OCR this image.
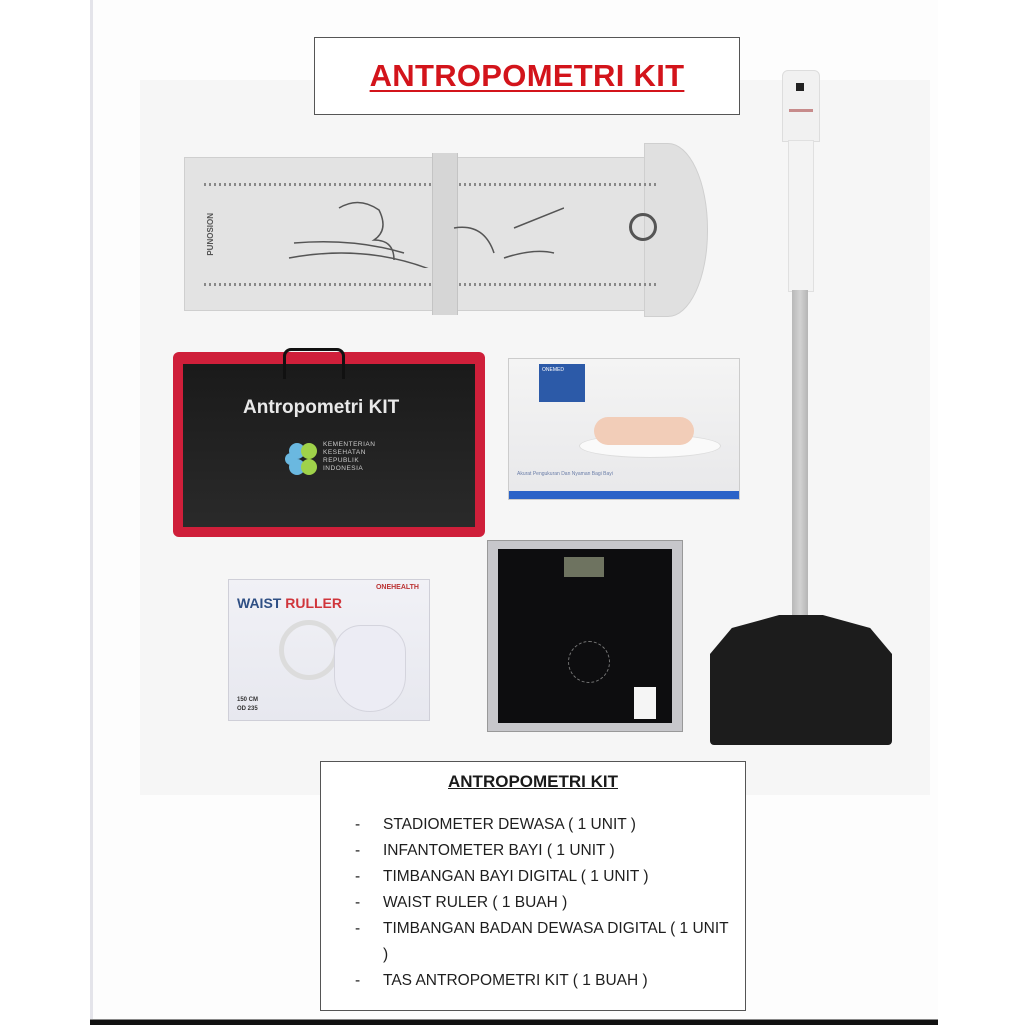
ANTROPOMETRI KIT
PUNOSION
Antropometri KIT
KEMENTERIAN
KESEHATAN
REPUBLIK
INDONESIA
ONEMED
Akurat Pengukuran Dan Nyaman Bagi Bayi
WAIST RULLER
ONEHEALTH
150 CM
OD 235
ANTROPOMETRI KIT
-	STADIOMETER DEWASA ( 1 UNIT )
-	INFANTOMETER BAYI ( 1 UNIT )
-	TIMBANGAN BAYI DIGITAL ( 1 UNIT )
-	WAIST RULER ( 1 BUAH )
-	TIMBANGAN BADAN DEWASA DIGITAL ( 1 UNIT )
-	TAS ANTROPOMETRI KIT ( 1 BUAH )
